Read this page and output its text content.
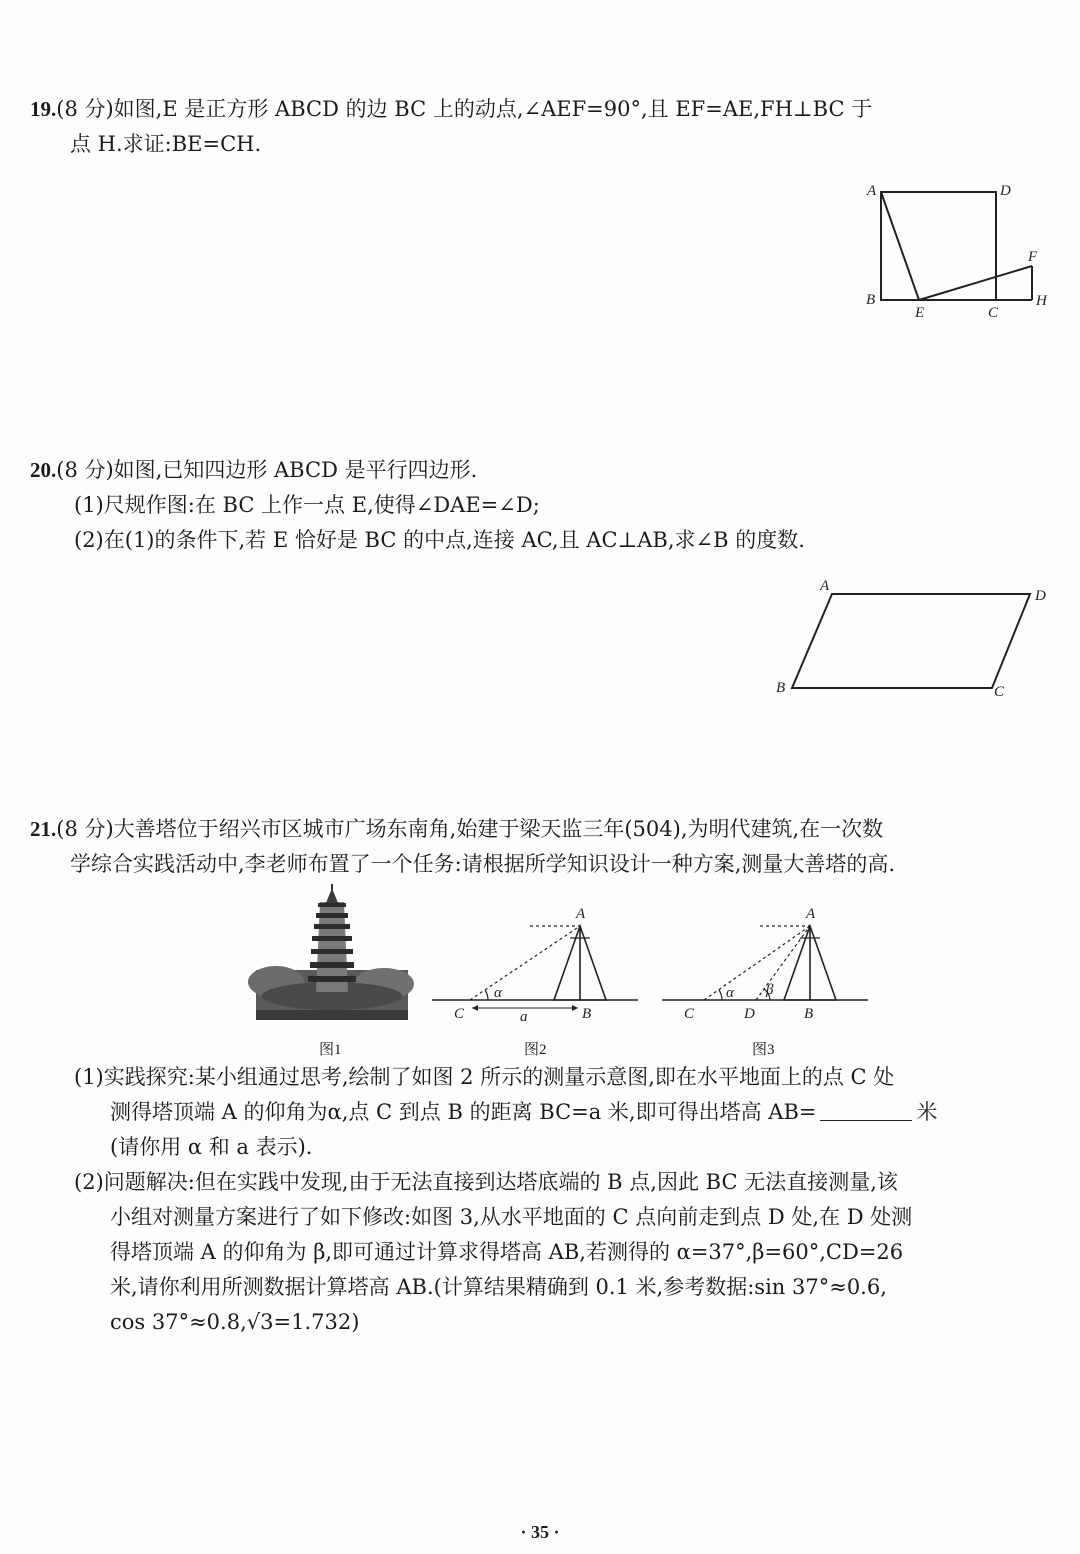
19.(8 分)如图,E 是正方形 ABCD 的边 BC 上的动点,∠AEF=90°,且 EF=AE,FH⊥BC 于
点 H.求证:BE=CH.
A	D
B
E	C
F
H
20.(8 分)如图,已知四边形 ABCD 是平行四边形.
(1)尺规作图:在 BC 上作一点 E,使得∠DAE=∠D;
(2)在(1)的条件下,若 E 恰好是 BC 的中点,连接 AC,且 AC⊥AB,求∠B 的度数.
A
D
B	C
21.(8 分)大善塔位于绍兴市区城市广场东南角,始建于梁天监三年(504),为明代建筑,在一次数
学综合实践活动中,李老师布置了一个任务:请根据所学知识设计一种方案,测量大善塔的高.
图1
A
α
C	a	B
图2
A
α β
C	D	B
图3
(1)实践探究:某小组通过思考,绘制了如图 2 所示的测量示意图,即在水平地面上的点 C 处
测得塔顶端 A 的仰角为α,点 C 到点 B 的距离 BC=a 米,即可得出塔高 AB=	米
(请你用 α 和 a 表示).
(2)问题解决:但在实践中发现,由于无法直接到达塔底端的 B 点,因此 BC 无法直接测量,该
小组对测量方案进行了如下修改:如图 3,从水平地面的 C 点向前走到点 D 处,在 D 处测
得塔顶端 A 的仰角为 β,即可通过计算求得塔高 AB,若测得的 α=37°,β=60°,CD=26
米,请你利用所测数据计算塔高 AB.(计算结果精确到 0.1 米,参考数据:sin 37°≈0.6,
cos 37°≈0.8,√3=1.732)
· 35 ·
